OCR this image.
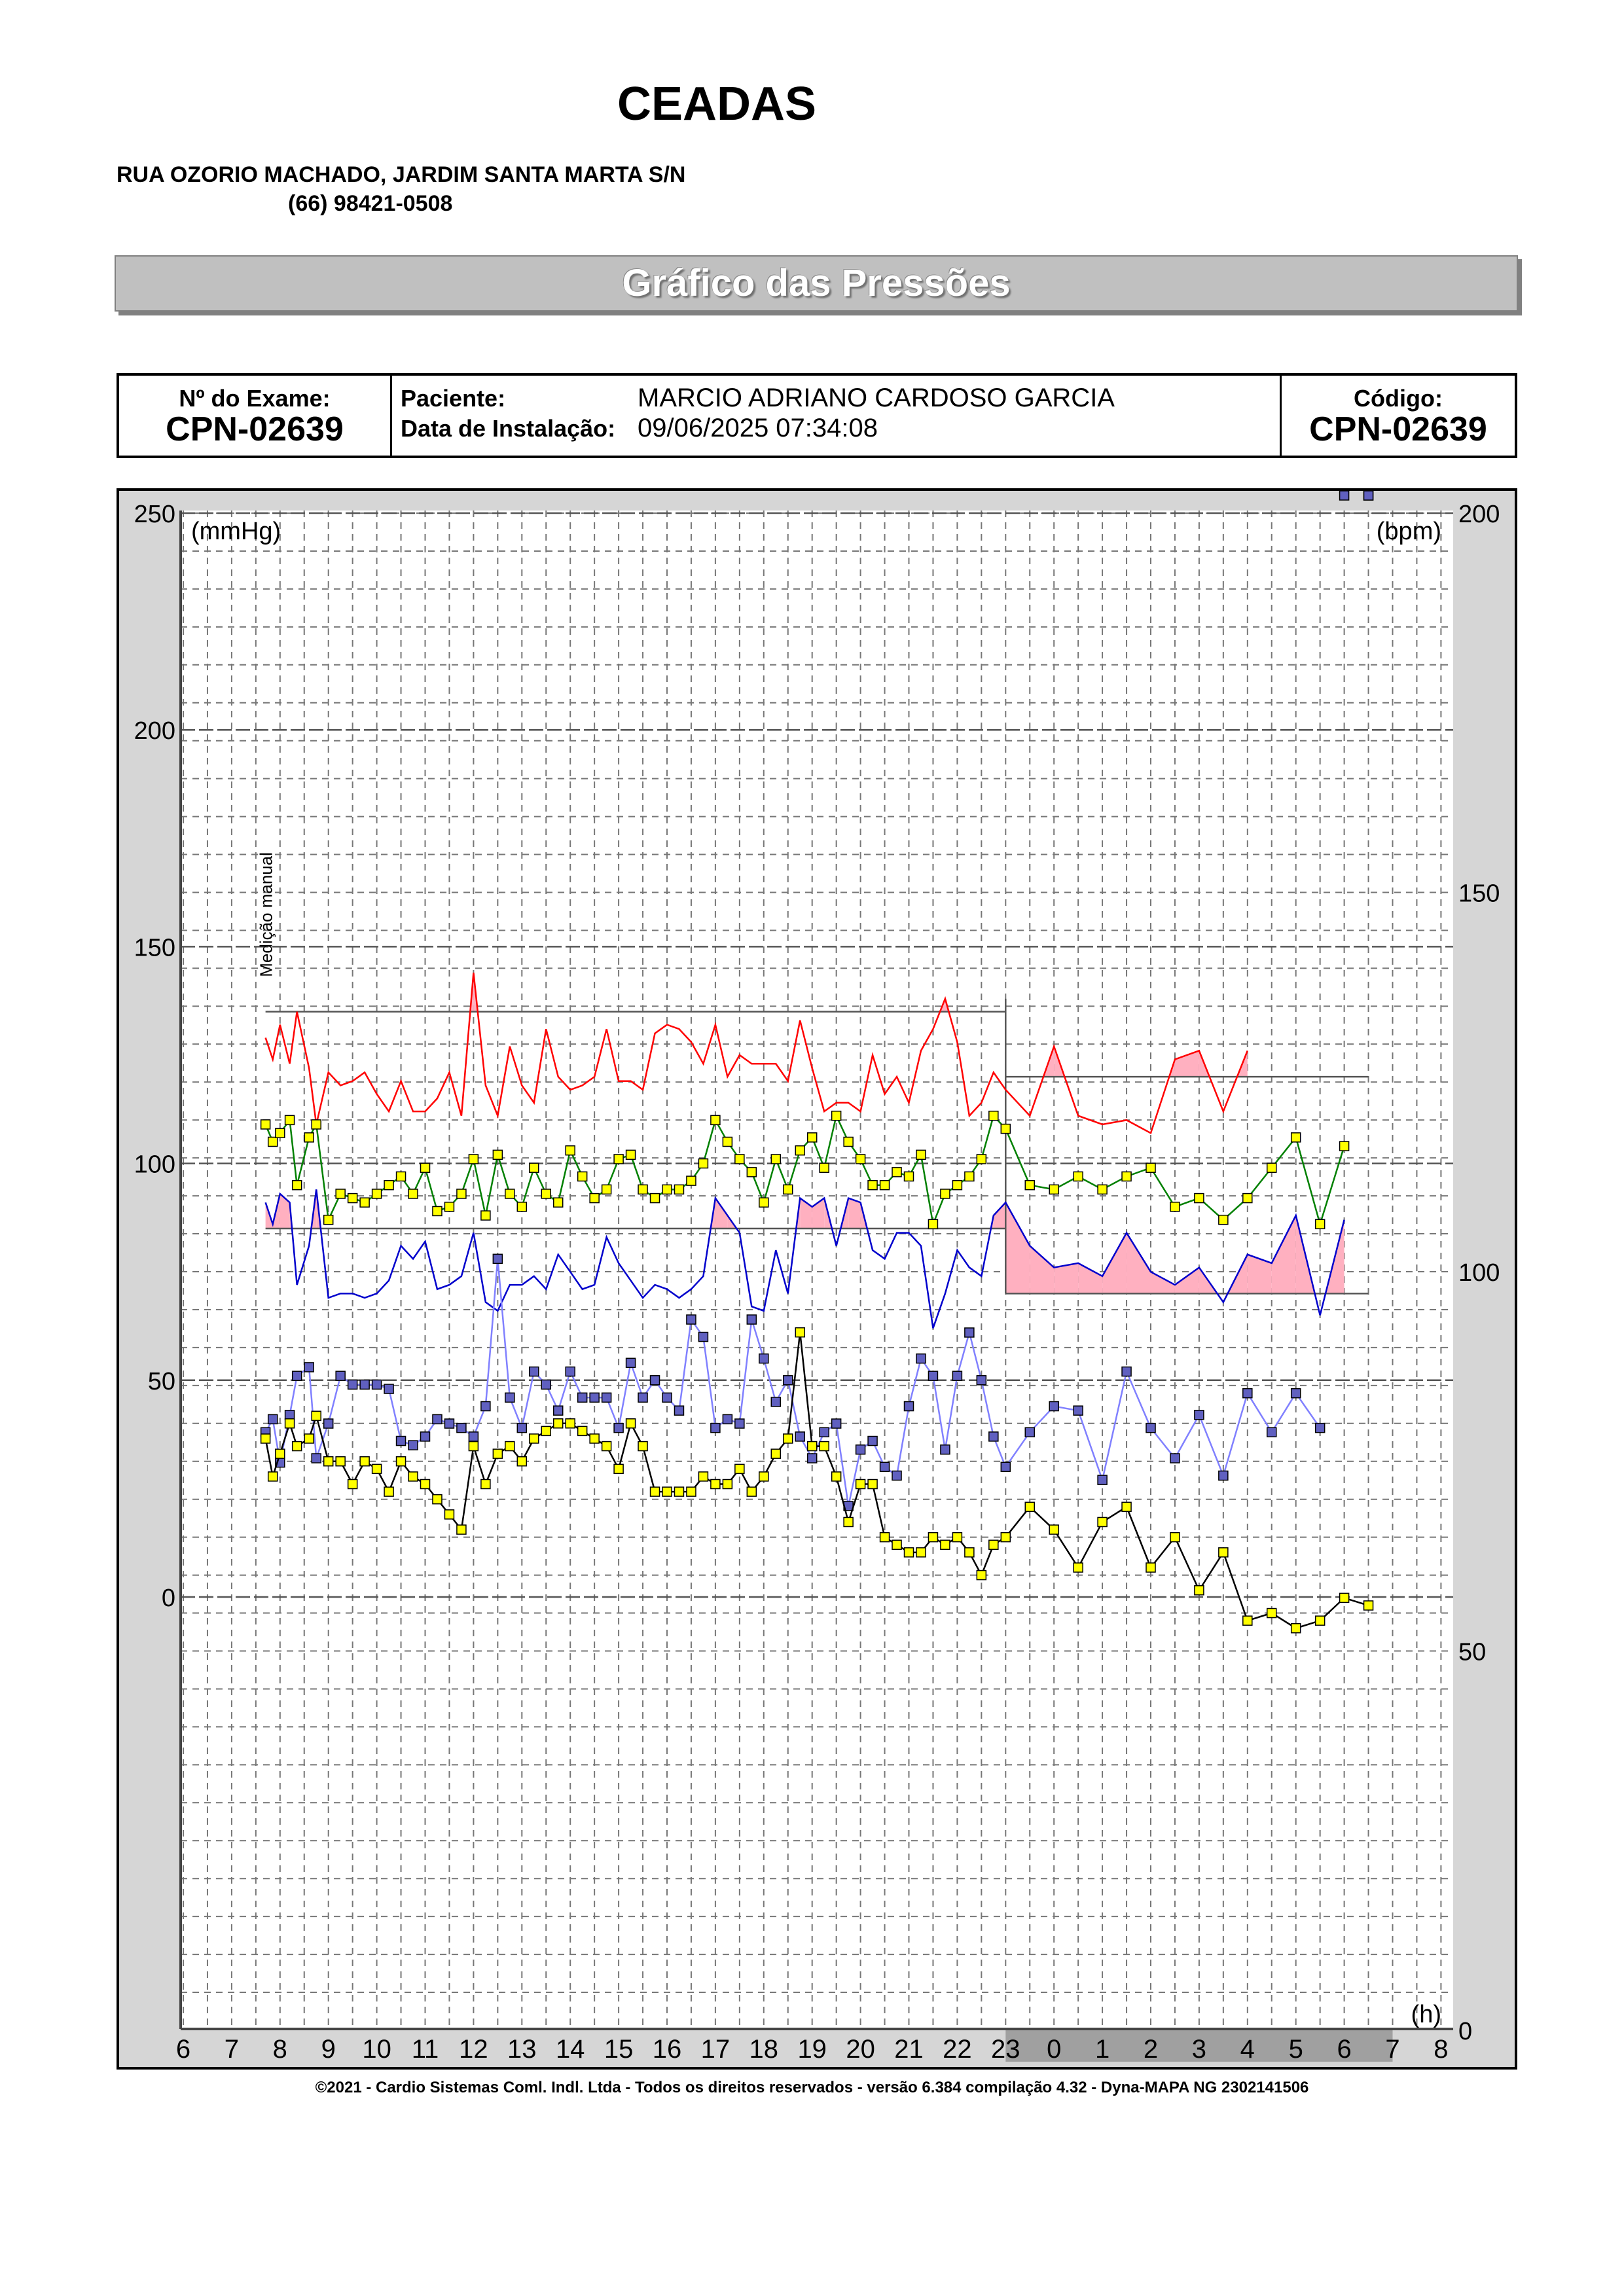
CEADAS
RUA OZORIO MACHADO, JARDIM SANTA MARTA S/N
(66) 98421-0508
Gráfico das Pressões
Nº do Exame:
CPN-02639
Paciente:	MARCIO ADRIANO CARDOSO GARCIA
Data de Instalação: 09/06/2025 07:34:08
Código:
CPN-02639
250
200
150
100
50
0
200
150
100
50
0
(mmHg)	(bpm)
(h)
6 7 8 9 10 11 12 13 14 15 16 17 18 19 20 21 22 23 0 1 2 3 4 5 6 7 8
Medição manual
©2021 - Cardio Sistemas Coml. Indl. Ltda - Todos os direitos reservados - versão 6.384 compilação 4.32 - Dyna-MAPA NG 2302141506
